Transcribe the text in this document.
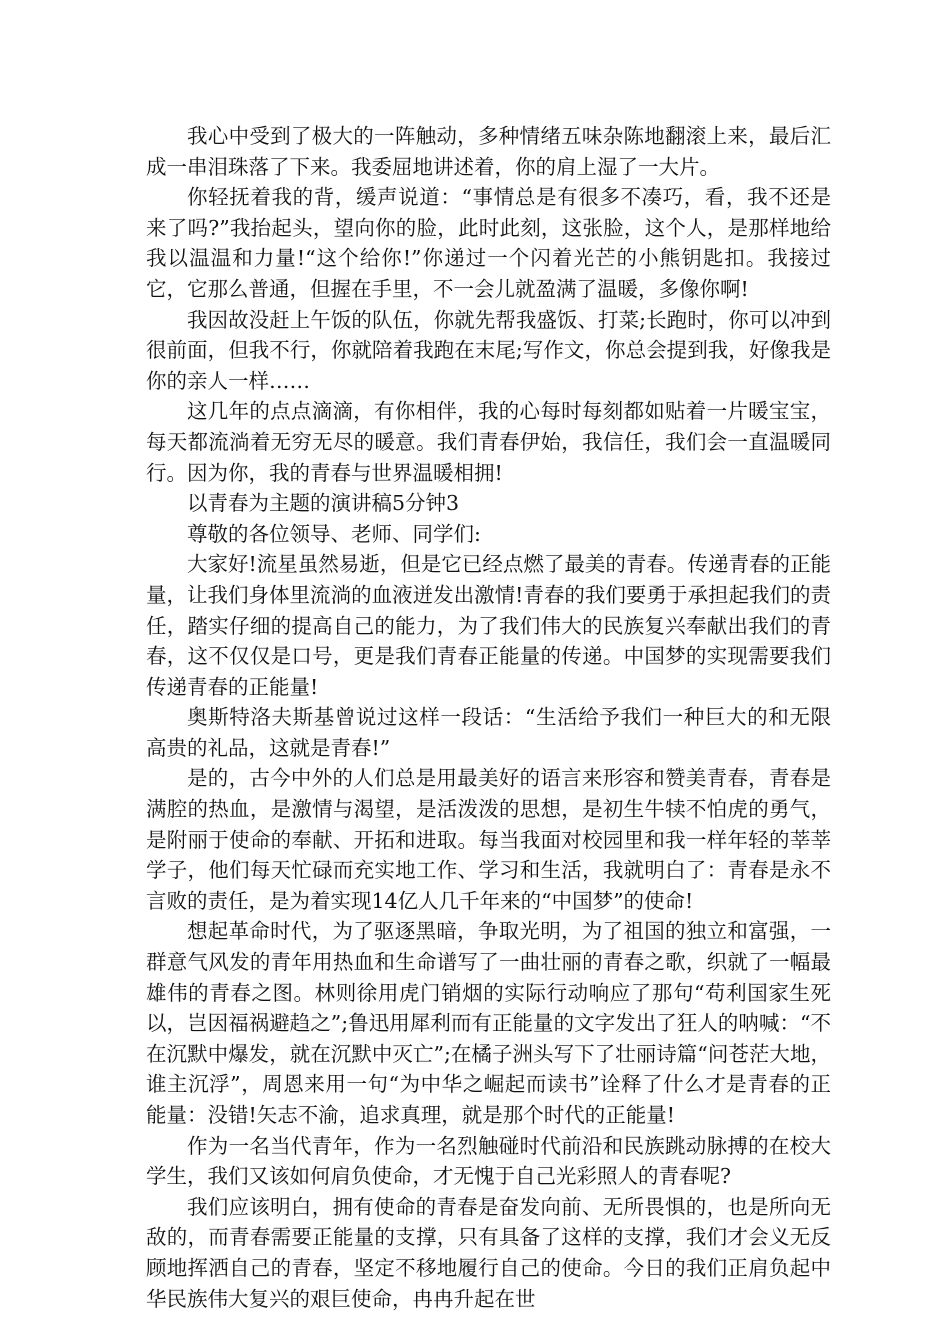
我心中受到了极大的一阵触动，多种情绪五味杂陈地翻滚上来，最后汇成一串泪珠落了下来。我委屈地讲述着，你的肩上湿了一大片。

你轻抚着我的背，缓声说道：“事情总是有很多不凑巧，看，我不还是来了吗?”我抬起头，望向你的脸，此时此刻，这张脸，这个人，是那样地给我以温温和力量!“这个给你!”你递过一个闪着光芒的小熊钥匙扣。我接过它，它那么普通，但握在手里，不一会儿就盈满了温暖，多像你啊!

我因故没赶上午饭的队伍，你就先帮我盛饭、打菜;长跑时，你可以冲到很前面，但我不行，你就陪着我跑在末尾;写作文，你总会提到我，好像我是你的亲人一样……

这几年的点点滴滴，有你相伴，我的心每时每刻都如贴着一片暖宝宝，每天都流淌着无穷无尽的暖意。我们青春伊始，我信任，我们会一直温暖同行。因为你，我的青春与世界温暖相拥!

以青春为主题的演讲稿5分钟3

尊敬的各位领导、老师、同学们:

大家好!流星虽然易逝，但是它已经点燃了最美的青春。传递青春的正能量，让我们身体里流淌的血液迸发出激情!青春的我们要勇于承担起我们的责任，踏实仔细的提高自己的能力，为了我们伟大的民族复兴奉献出我们的青春，这不仅仅是口号，更是我们青春正能量的传递。中国梦的实现需要我们传递青春的正能量!

奥斯特洛夫斯基曾说过这样一段话：“生活给予我们一种巨大的和无限高贵的礼品，这就是青春!”

是的，古今中外的人们总是用最美好的语言来形容和赞美青春，青春是满腔的热血，是激情与渴望，是活泼泼的思想，是初生牛犊不怕虎的勇气，是附丽于使命的奉献、开拓和进取。每当我面对校园里和我一样年轻的莘莘学子，他们每天忙碌而充实地工作、学习和生活，我就明白了：青春是永不言败的责任，是为着实现14亿人几千年来的“中国梦”的使命!

想起革命时代，为了驱逐黑暗，争取光明，为了祖国的独立和富强，一群意气风发的青年用热血和生命谱写了一曲壮丽的青春之歌，织就了一幅最雄伟的青春之图。林则徐用虎门销烟的实际行动响应了那句“苟利国家生死以，岂因福祸避趋之”;鲁迅用犀利而有正能量的文字发出了狂人的呐喊：“不在沉默中爆发，就在沉默中灭亡”;在橘子洲头写下了壮丽诗篇“问苍茫大地，谁主沉浮”，周恩来用一句“为中华之崛起而读书”诠释了什么才是青春的正能量：没错!矢志不渝，追求真理，就是那个时代的正能量!

作为一名当代青年，作为一名烈触碰时代前沿和民族跳动脉搏的在校大学生，我们又该如何肩负使命，才无愧于自己光彩照人的青春呢?

我们应该明白，拥有使命的青春是奋发向前、无所畏惧的，也是所向无敌的，而青春需要正能量的支撑，只有具备了这样的支撑，我们才会义无反顾地挥洒自己的青春，坚定不移地履行自己的使命。今日的我们正肩负起中华民族伟大复兴的艰巨使命，冉冉升起在世
